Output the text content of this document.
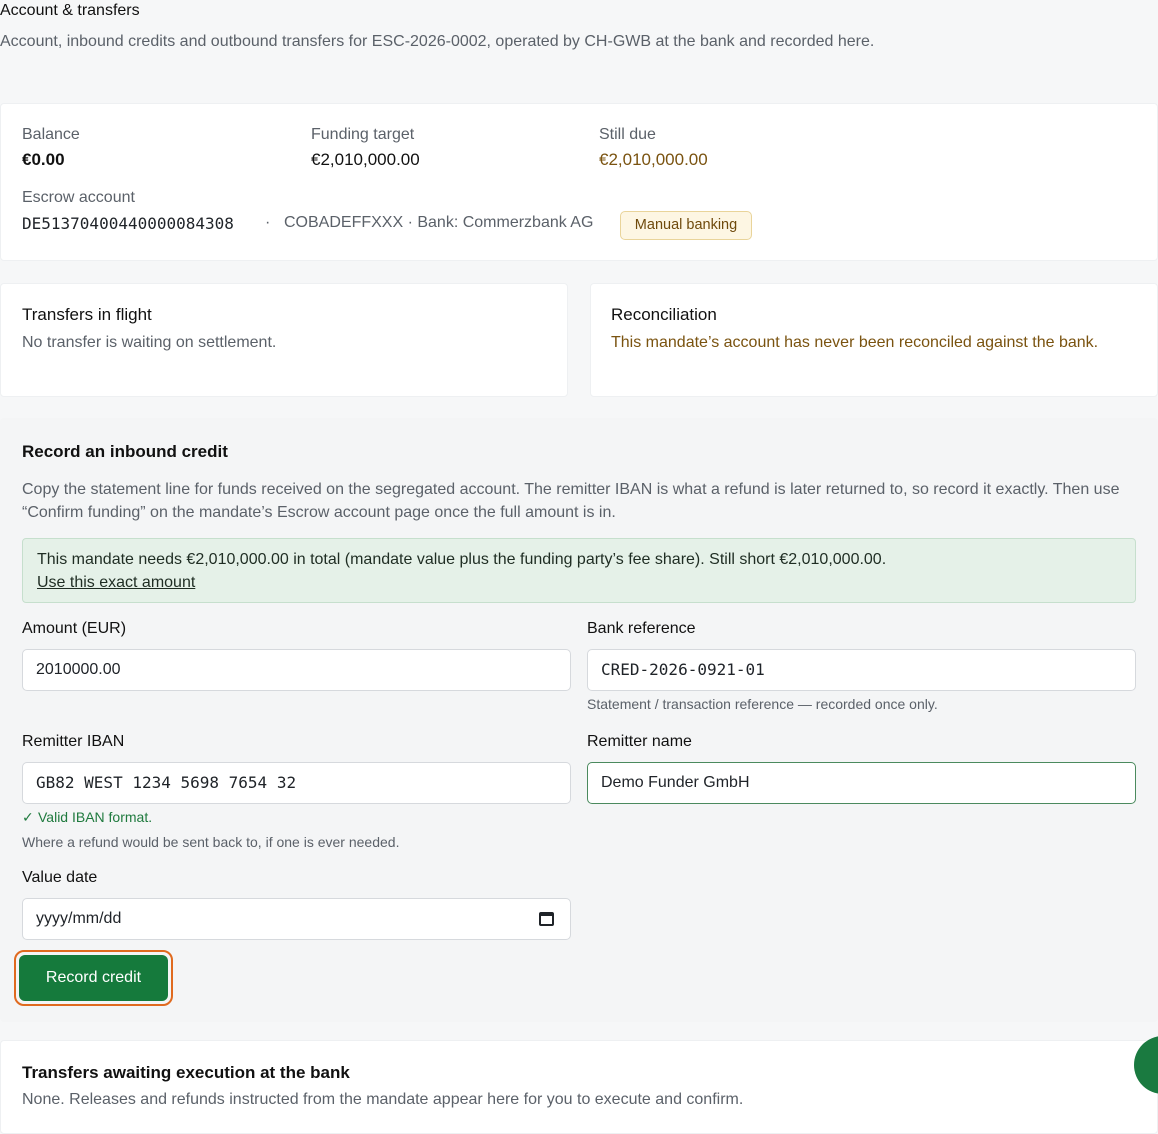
Account & transfers
Account, inbound credits and outbound transfers for ESC-2026-0002, operated by CH-GWB at the bank and recorded here.
Balance
€0.00
Funding target
€2,010,000.00
Still due
€2,010,000.00
Escrow account
DE51370400440000084308 · COBADEFFXXX · Bank: Commerzbank AG	Manual banking
Transfers in flight
No transfer is waiting on settlement.
Reconciliation
This mandate’s account has never been reconciled against the bank.
Record an inbound credit
Copy the statement line for funds received on the segregated account. The remitter IBAN is what a refund is later returned to, so record it exactly. Then use “Confirm funding” on the mandate’s Escrow account page once the full amount is in.
This mandate needs €2,010,000.00 in total (mandate value plus the funding party’s fee share). Still short €2,010,000.00.
Use this exact amount
Amount (EUR)
2010000.00
Bank reference
CRED-2026-0921-01
Statement / transaction reference — recorded once only.
Remitter IBAN
GB82 WEST 1234 5698 7654 32
✓ Valid IBAN format.
Where a refund would be sent back to, if one is ever needed.
Remitter name
Demo Funder GmbH
Value date
yyyy/mm/dd
Record credit
Transfers awaiting execution at the bank
None. Releases and refunds instructed from the mandate appear here for you to execute and confirm.
